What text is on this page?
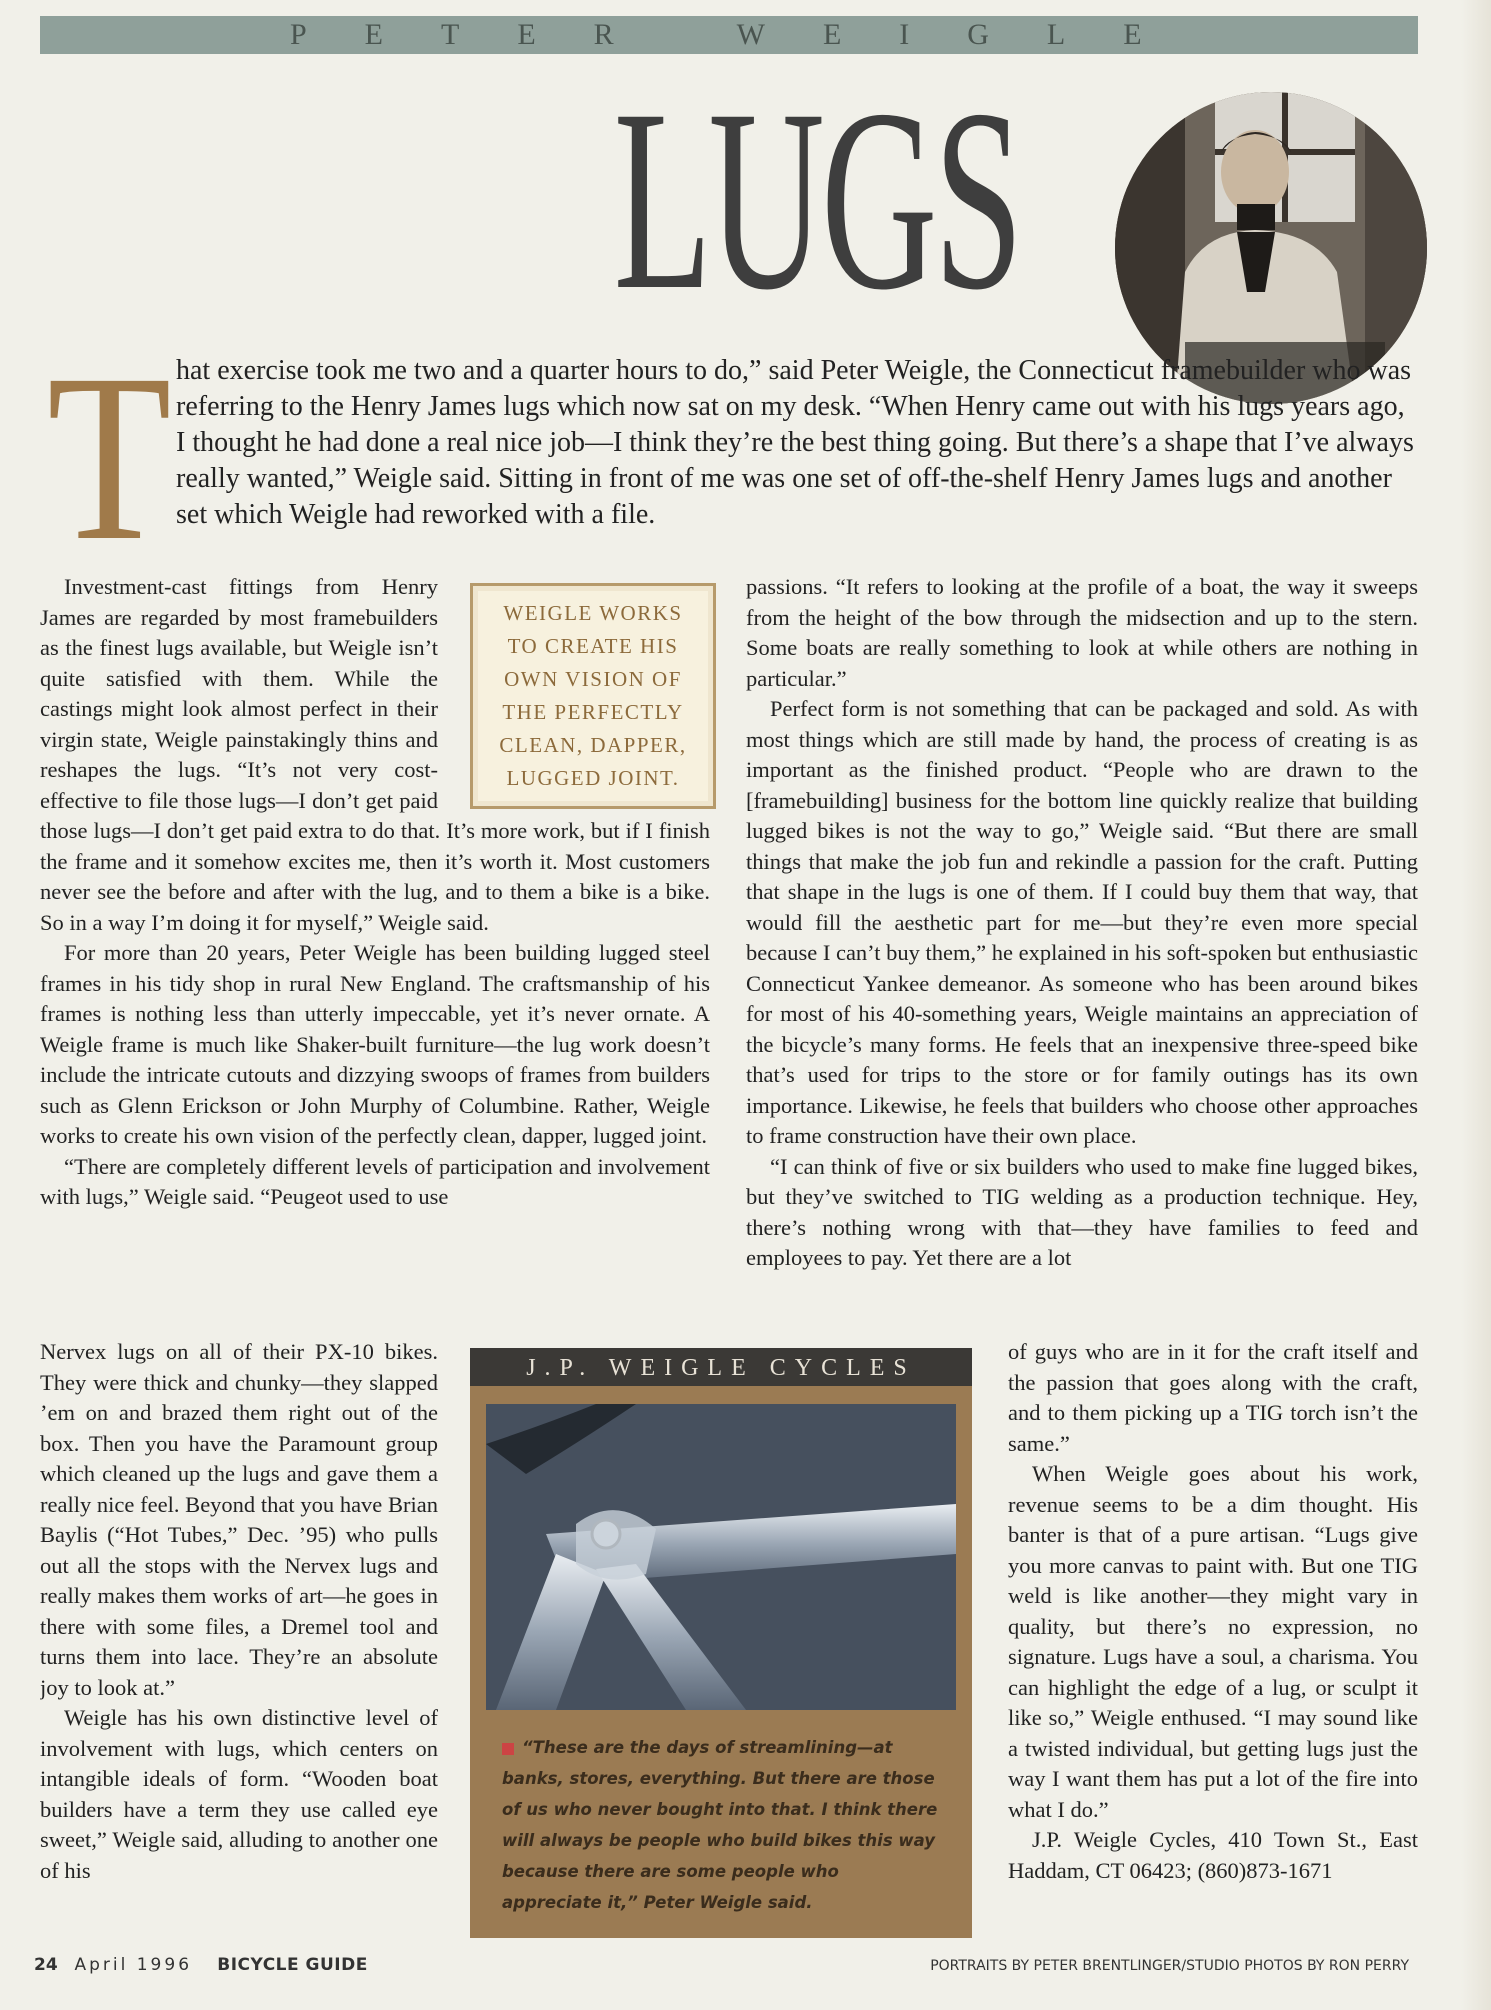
PETER WEIGLE
LUGS
T hat exercise took me two and a quarter hours to do,” said Peter Weigle, the Connecticut framebuilder who was referring to the Henry James lugs which now sat on my desk. “When Henry came out with his lugs years ago, I thought he had done a real nice job—I think they’re the best thing going. But there’s a shape that I’ve always really wanted,” Weigle said. Sitting in front of me was one set of off-the-shelf Henry James lugs and another set which Weigle had reworked with a file.

Investment-cast fittings from Henry James are regarded by most framebuilders as the finest lugs available, but Weigle isn’t quite satisfied with them. While the castings might look almost perfect in their virgin state, Weigle painstakingly thins and reshapes the lugs. “It’s not very cost-effective to file those lugs—I don’t get paid

WEIGLE WORKS TO CREATE HIS OWN VISION OF THE PERFECTLY CLEAN, DAPPER, LUGGED JOINT.

those lugs—I don’t get paid extra to do that. It’s more work, but if I finish the frame and it somehow excites me, then it’s worth it. Most customers never see the before and after with the lug, and to them a bike is a bike. So in a way I’m doing it for myself,” Weigle said.

For more than 20 years, Peter Weigle has been building lugged steel frames in his tidy shop in rural New England. The craftsmanship of his frames is nothing less than utterly impeccable, yet it’s never ornate. A Weigle frame is much like Shaker-built furniture—the lug work doesn’t include the intricate cutouts and dizzying swoops of frames from builders such as Glenn Erickson or John Murphy of Columbine. Rather, Weigle works to create his own vision of the perfectly clean, dapper, lugged joint.

“There are completely different levels of participation and involvement with lugs,” Weigle said. “Peugeot used to use

Nervex lugs on all of their PX-10 bikes. They were thick and chunky—they slapped ’em on and brazed them right out of the box. Then you have the Paramount group which cleaned up the lugs and gave them a really nice feel. Beyond that you have Brian Baylis (“Hot Tubes,” Dec. ’95) who pulls out all the stops with the Nervex lugs and really makes them works of art—he goes in there with some files, a Dremel tool and turns them into lace. They’re an absolute joy to look at.”

Weigle has his own distinctive level of involvement with lugs, which centers on intangible ideals of form. “Wooden boat builders have a term they use called eye sweet,” Weigle said, alluding to another one of his

passions. “It refers to looking at the profile of a boat, the way it sweeps from the height of the bow through the midsection and up to the stern. Some boats are really something to look at while others are nothing in particular.”

Perfect form is not something that can be packaged and sold. As with most things which are still made by hand, the process of creating is as important as the finished product. “People who are drawn to the [framebuilding] business for the bottom line quickly realize that building lugged bikes is not the way to go,” Weigle said. “But there are small things that make the job fun and rekindle a passion for the craft. Putting that shape in the lugs is one of them. If I could buy them that way, that would fill the aesthetic part for me—but they’re even more special because I can’t buy them,” he explained in his soft-spoken but enthusiastic Connecticut Yankee demeanor. As someone who has been around bikes for most of his 40-something years, Weigle maintains an appreciation of the bicycle’s many forms. He feels that an inexpensive three-speed bike that’s used for trips to the store or for family outings has its own importance. Likewise, he feels that builders who choose other approaches to frame construction have their own place.

“I can think of five or six builders who used to make fine lugged bikes, but they’ve switched to TIG welding as a production technique. Hey, there’s nothing wrong with that—they have families to feed and employees to pay. Yet there are a lot

of guys who are in it for the craft itself and the passion that goes along with the craft, and to them picking up a TIG torch isn’t the same.”

When Weigle goes about his work, revenue seems to be a dim thought. His banter is that of a pure artisan. “Lugs give you more canvas to paint with. But one TIG weld is like another—they might vary in quality, but there’s no expression, no signature. Lugs have a soul, a charisma. You can highlight the edge of a lug, or sculpt it like so,” Weigle enthused. “I may sound like a twisted individual, but getting lugs just the way I want them has put a lot of the fire into what I do.”

J.P. Weigle Cycles, 410 Town St., East Haddam, CT 06423; (860)873-1671

J.P. WEIGLE CYCLES
“These are the days of streamlining—at banks, stores, everything. But there are those of us who never bought into that. I think there will always be people who build bikes this way because there are some people who appreciate it,” Peter Weigle said.
24 April 1996 BICYCLE GUIDE	PORTRAITS BY PETER BRENTLINGER/STUDIO PHOTOS BY RON PERRY
